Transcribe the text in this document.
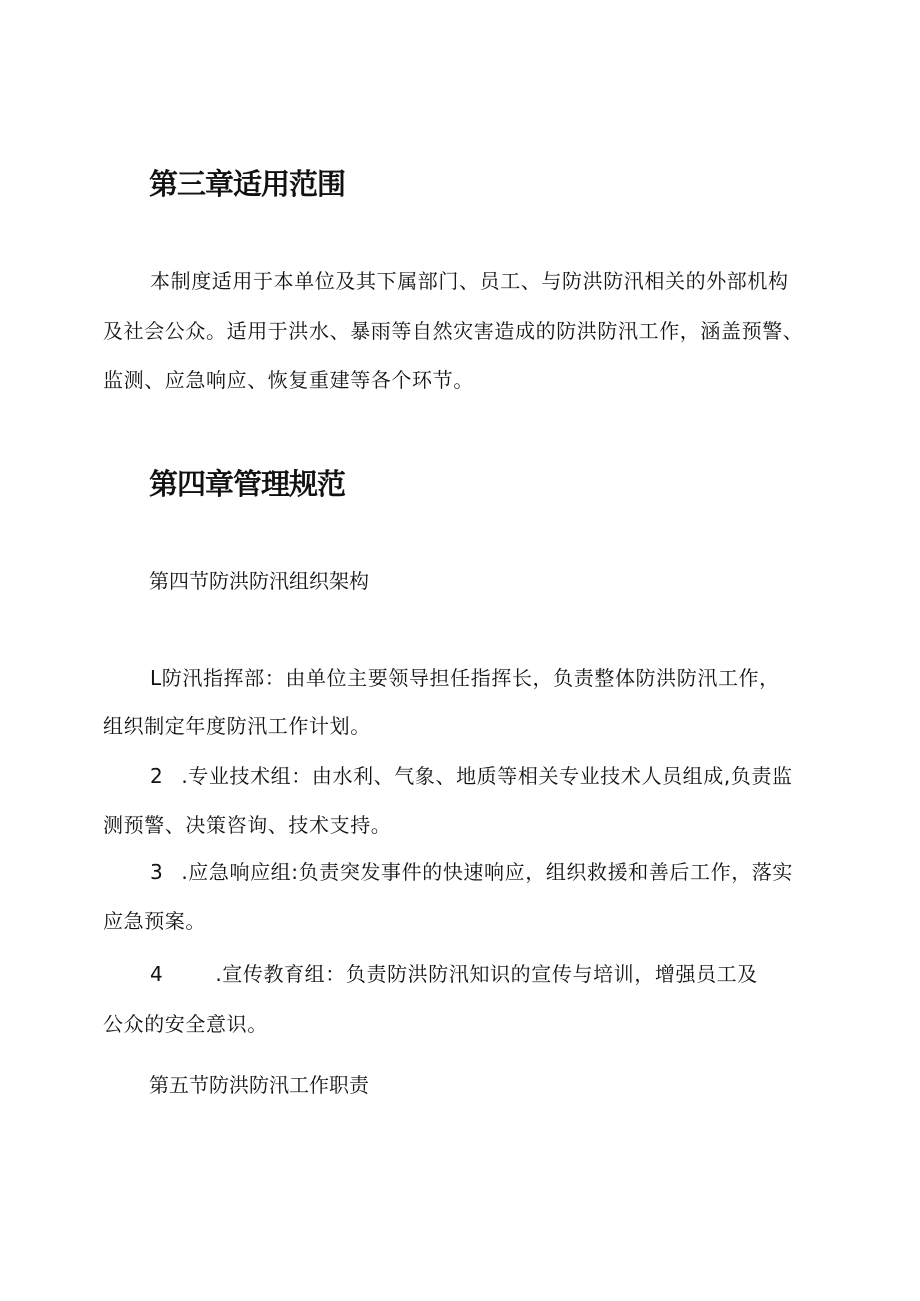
第三章适用范围
本制度适用于本单位及其下属部门、员工、与防洪防汛相关的外部机构
及社会公众。适用于洪水、暴雨等自然灾害造成的防洪防汛工作，涵盖预警、
监测、应急响应、恢复重建等各个环节。
第四章管理规范
第四节防洪防汛组织架构
L防汛指挥部：由单位主要领导担任指挥长，负责整体防洪防汛工作，
组织制定年度防汛工作计划。
2 .专业技术组：由水利、气象、地质等相关专业技术人员组成,负责监
测预警、决策咨询、技术支持。
3 .应急响应组:负责突发事件的快速响应，组织救援和善后工作，落实
应急预案。
4	.宣传教育组：负责防洪防汛知识的宣传与培训，增强员工及
公众的安全意识。
第五节防洪防汛工作职责
